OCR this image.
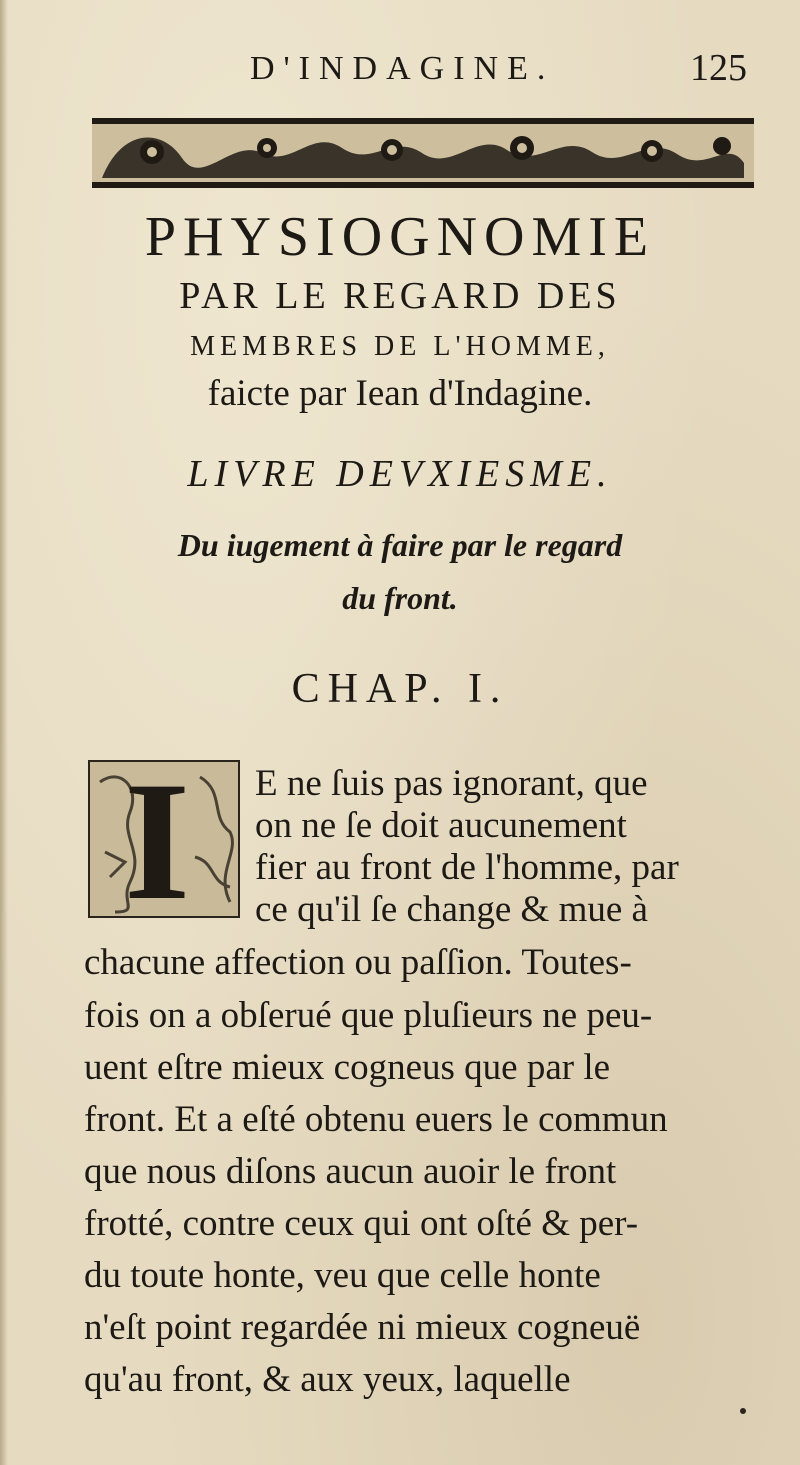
D'INDAGINE.	125
PHYSIOGNOMIE
PAR LE REGARD DES
MEMBRES DE L'HOMME,
faicte par Iean d'Indagine.
LIVRE DEVXIESME.
Du iugement à faire par le regard
du front.
CHAP. I.
I E ne ſuis pas ignorant, que
on ne ſe doit aucunement
fier au front de l'homme, par
ce qu'il ſe change & mue à
chacune affection ou paſſion. Toutes-
fois on a obſerué que pluſieurs ne peu-
uent eſtre mieux cogneus que par le
front. Et a eſté obtenu euers le commun
que nous diſons aucun auoir le front
frotté, contre ceux qui ont oſté & per-
du toute honte, veu que celle honte
n'eſt point regardée ni mieux cogneuë
qu'au front, & aux yeux, laquelle
